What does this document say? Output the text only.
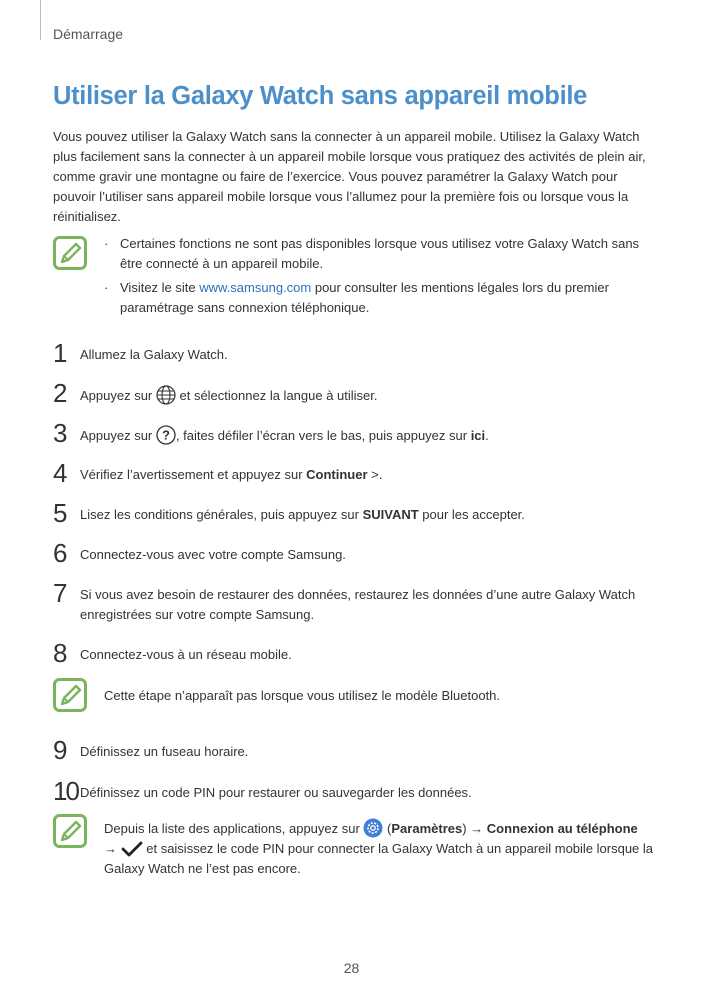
Démarrage
Utiliser la Galaxy Watch sans appareil mobile

Vous pouvez utiliser la Galaxy Watch sans la connecter à un appareil mobile. Utilisez la Galaxy Watch plus facilement sans la connecter à un appareil mobile lorsque vous pratiquez des activités de plein air, comme gravir une montagne ou faire de l’exercice. Vous pouvez paramétrer la Galaxy Watch pour pouvoir l’utiliser sans appareil mobile lorsque vous l’allumez pour la première fois ou lorsque vous la réinitialisez.

· Certaines fonctions ne sont pas disponibles lorsque vous utilisez votre Galaxy Watch sans être connecté à un appareil mobile.
· Visitez le site www.samsung.com pour consulter les mentions légales lors du premier paramétrage sans connexion téléphonique.
1 Allumez la Galaxy Watch.
2 Appuyez sur
et sélectionnez la langue à utiliser.
3 Appuyez sur ? , faites défiler l’écran vers le bas, puis appuyez sur ici.
4 Vérifiez l’avertissement et appuyez sur Continuer >.
5 Lisez les conditions générales, puis appuyez sur SUIVANT pour les accepter.
6 Connectez-vous avec votre compte Samsung.
7 Si vous avez besoin de restaurer des données, restaurez les données d’une autre Galaxy Watch enregistrées sur votre compte Samsung.
8 Connectez-vous à un réseau mobile.
Cette étape n’apparaît pas lorsque vous utilisez le modèle Bluetooth.
9 Définissez un fuseau horaire.
10 Définissez un code PIN pour restaurer ou sauvegarder les données.
Depuis la liste des applications, appuyez sur
(Paramètres) → Connexion au téléphone
→
et saisissez le code PIN pour connecter la Galaxy Watch à un appareil mobile lorsque la Galaxy Watch ne l’est pas encore.
28
